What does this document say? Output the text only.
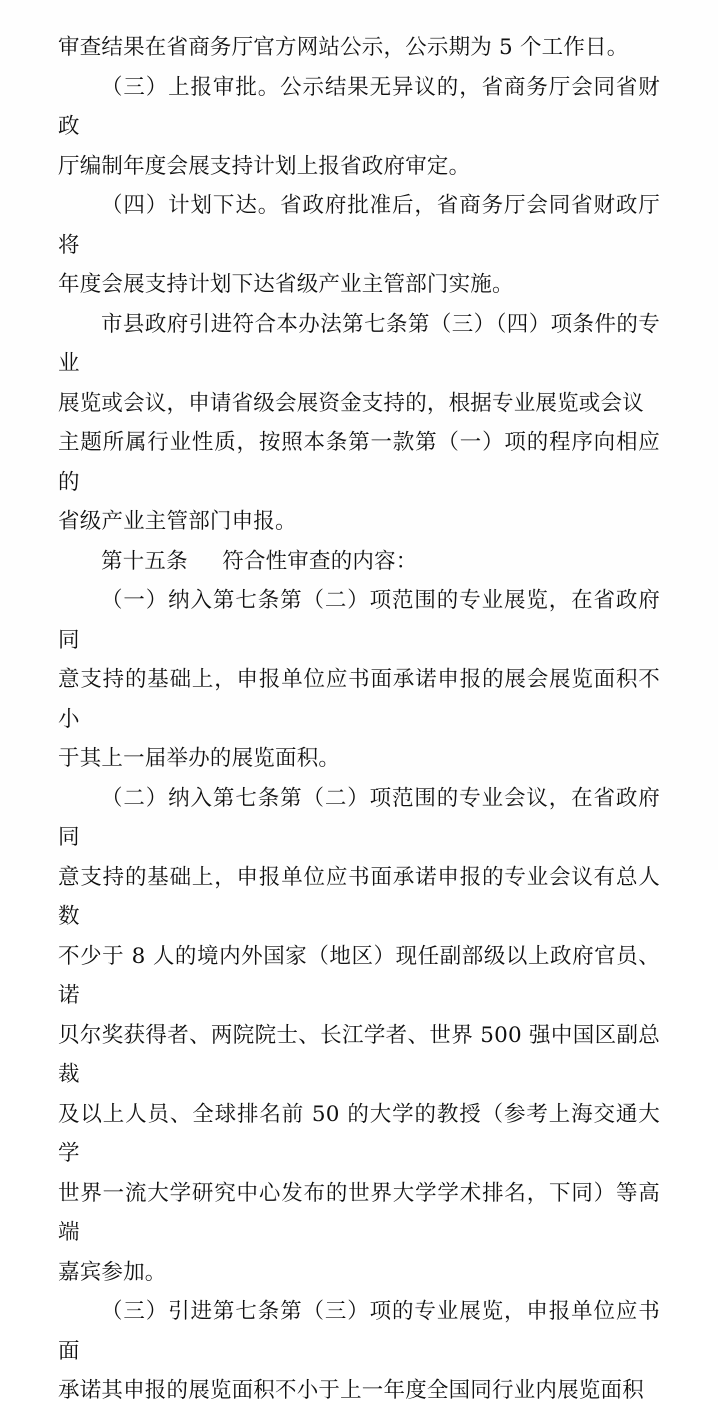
审查结果在省商务厅官方网站公示，公示期为 5 个工作日。

（三）上报审批。公示结果无异议的，省商务厅会同省财政

厅编制年度会展支持计划上报省政府审定。

（四）计划下达。省政府批准后，省商务厅会同省财政厅将

年度会展支持计划下达省级产业主管部门实施。

市县政府引进符合本办法第七条第（三）（四）项条件的专业

展览或会议，申请省级会展资金支持的，根据专业展览或会议

主题所属行业性质，按照本条第一款第（一）项的程序向相应的

省级产业主管部门申报。

第十五条 符合性审查的内容：

（一）纳入第七条第（二）项范围的专业展览，在省政府同

意支持的基础上，申报单位应书面承诺申报的展会展览面积不小

于其上一届举办的展览面积。

（二）纳入第七条第（二）项范围的专业会议，在省政府同

意支持的基础上，申报单位应书面承诺申报的专业会议有总人数

不少于 8 人的境内外国家（地区）现任副部级以上政府官员、诺

贝尔奖获得者、两院院士、长江学者、世界 500 强中国区副总裁

及以上人员、全球排名前 50 的大学的教授（参考上海交通大学

世界一流大学研究中心发布的世界大学学术排名，下同）等高端

嘉宾参加。

（三）引进第七条第（三）项的专业展览，申报单位应书面

承诺其申报的展览面积不小于上一年度全国同行业内展览面积
